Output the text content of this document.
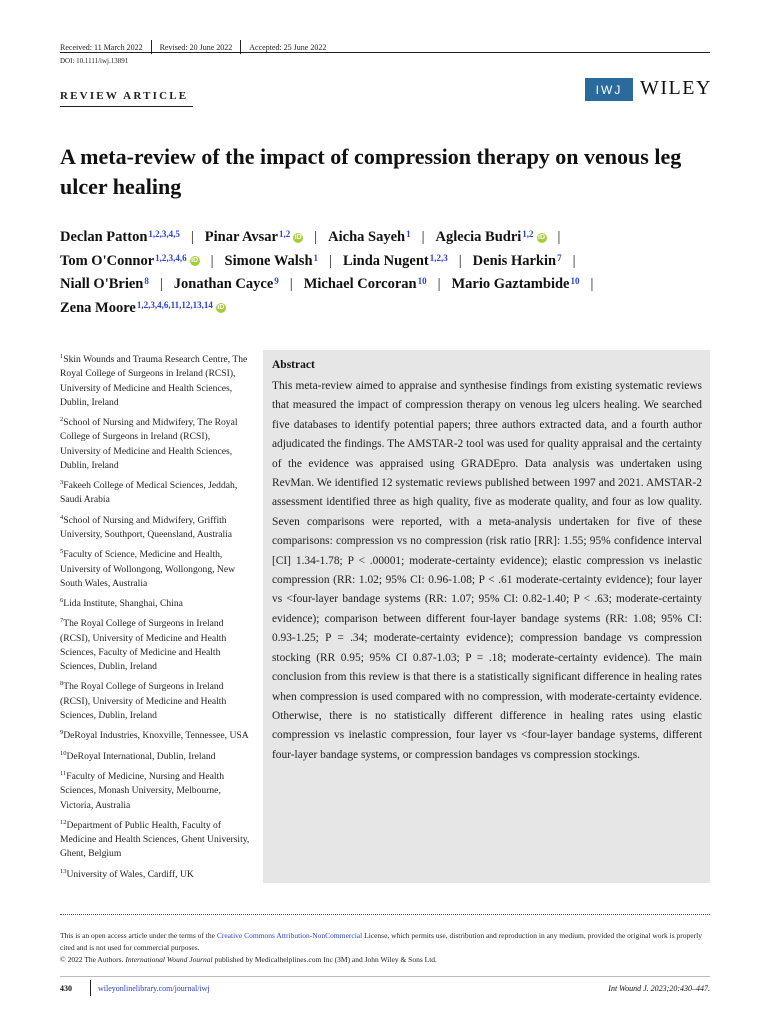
Received: 11 March 2022 Revised: 20 June 2022 Accepted: 25 June 2022
DOI: 10.1111/iwj.13891
REVIEW ARTICLE	IWJ WILEY
A meta-review of the impact of compression therapy on venous leg ulcer healing
Declan Patton$^{1,2,3,4,5}$ | Pinar Avsar$^{1,2}$ iD | Aicha Sayeh$^1$ | Aglecia Budri$^{1,2}$ iD |
Tom O'Connor$^{1,2,3,4,6}$ iD | Simone Walsh$^1$ | Linda Nugent$^{1,2,3}$ | Denis Harkin$^7$ |
Niall O'Brien$^8$ | Jonathan Cayce$^9$ | Michael Corcoran$^{10}$ | Mario Gaztambide$^{10}$ |
Zena Moore$^{1,2,3,4,6,11,12,13,14}$ iD
$^1$Skin Wounds and Trauma Research Centre, The Royal College of Surgeons in Ireland (RCSI), University of Medicine and Health Sciences, Dublin, Ireland
$^2$School of Nursing and Midwifery, The Royal College of Surgeons in Ireland (RCSI), University of Medicine and Health Sciences, Dublin, Ireland
$^3$Fakeeh College of Medical Sciences, Jeddah, Saudi Arabia
$^4$School of Nursing and Midwifery, Griffith University, Southport, Queensland, Australia
$^5$Faculty of Science, Medicine and Health, University of Wollongong, Wollongong, New South Wales, Australia
$^6$Lida Institute, Shanghai, China
$^7$The Royal College of Surgeons in Ireland (RCSI), University of Medicine and Health Sciences, Faculty of Medicine and Health Sciences, Dublin, Ireland
$^8$The Royal College of Surgeons in Ireland (RCSI), University of Medicine and Health Sciences, Dublin, Ireland
$^9$DeRoyal Industries, Knoxville, Tennessee, USA
$^{10}$DeRoyal International, Dublin, Ireland
$^{11}$Faculty of Medicine, Nursing and Health Sciences, Monash University, Melbourne, Victoria, Australia
$^{12}$Department of Public Health, Faculty of Medicine and Health Sciences, Ghent University, Ghent, Belgium
$^{13}$University of Wales, Cardiff, UK
Abstract
This meta-review aimed to appraise and synthesise findings from existing systematic reviews that measured the impact of compression therapy on venous leg ulcers healing. We searched five databases to identify potential papers; three authors extracted data, and a fourth author adjudicated the findings. The AMSTAR-2 tool was used for quality appraisal and the certainty of the evidence was appraised using GRADEpro. Data analysis was undertaken using RevMan. We identified 12 systematic reviews published between 1997 and 2021. AMSTAR-2 assessment identified three as high quality, five as moderate quality, and four as low quality. Seven comparisons were reported, with a meta-analysis undertaken for five of these comparisons: compression vs no compression (risk ratio [RR]: 1.55; 95% confidence interval [CI] 1.34-1.78; P < .00001; moderate-certainty evidence); elastic compression vs inelastic compression (RR: 1.02; 95% CI: 0.96-1.08; P < .61 moderate-certainty evidence); four layer vs <four-layer bandage systems (RR: 1.07; 95% CI: 0.82-1.40; P < .63; moderate-certainty evidence); comparison between different four-layer bandage systems (RR: 1.08; 95% CI: 0.93-1.25; P = .34; moderate-certainty evidence); compression bandage vs compression stocking (RR 0.95; 95% CI 0.87-1.03; P = .18; moderate-certainty evidence). The main conclusion from this review is that there is a statistically significant difference in healing rates when compression is used compared with no compression, with moderate-certainty evidence. Otherwise, there is no statistically different difference in healing rates using elastic compression vs inelastic compression, four layer vs <four-layer bandage systems, different four-layer bandage systems, or compression bandages vs compression stockings.
This is an open access article under the terms of the Creative Commons Attribution-NonCommercial License, which permits use, distribution and reproduction in any medium, provided the original work is properly cited and is not used for commercial purposes.
© 2022 The Authors. International Wound Journal published by Medicalhelplines.com Inc (3M) and John Wiley & Sons Ltd.
430	wileyonlinelibrary.com/journal/iwj	Int Wound J. 2023;20:430–447.
